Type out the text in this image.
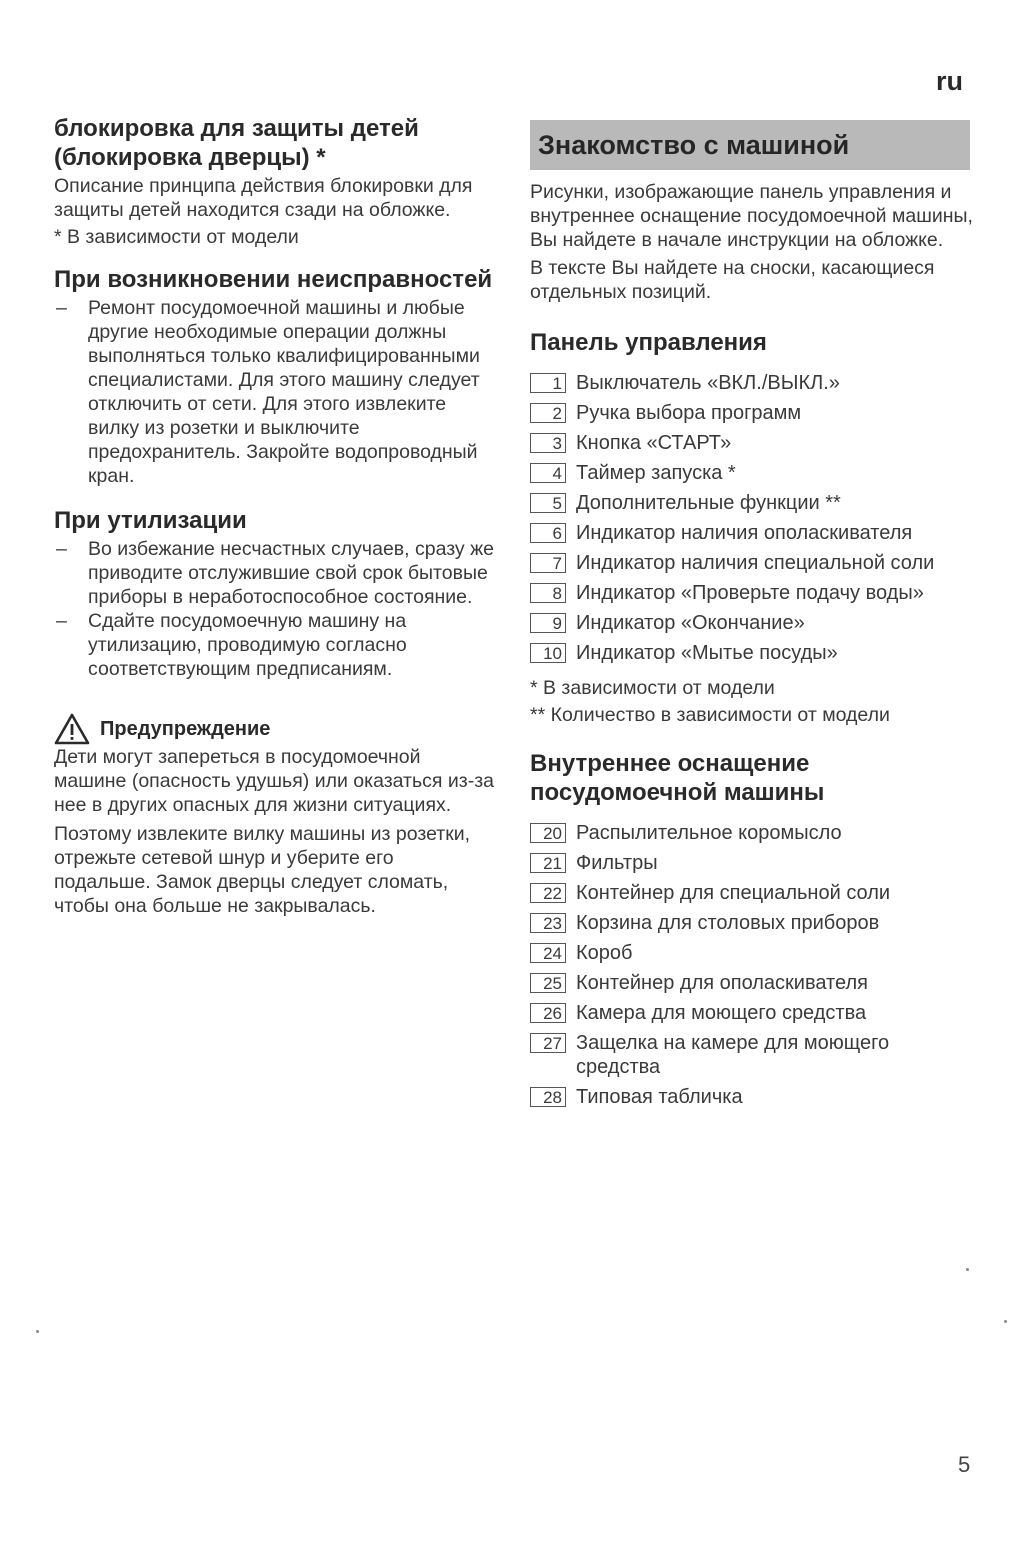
ru
блокировка для защиты детей (блокировка дверцы) *

Описание принципа действия блокировки для защиты детей находится сзади на обложке.

* В зависимости от модели

При возникновении неисправностей
– Ремонт посудомоечной машины и любые другие необходимые операции должны выполняться только квалифицированными специалистами. Для этого машину следует отключить от сети. Для этого извлеките вилку из розетки и выключите предохранитель. Закройте водопроводный кран.
При утилизации
– Во избежание несчастных случаев, сразу же приводите отслужившие свой срок бытовые приборы в неработоспособное состояние.
– Сдайте посудомоечную машину на утилизацию, проводимую согласно соответствующим предписаниям.
Предупреждение

Дети могут запереться в посудомоечной машине (опасность удушья) или оказаться из-за нее в других опасных для жизни ситуациях.

Поэтому извлеките вилку машины из розетки, отрежьте сетевой шнур и уберите его подальше. Замок дверцы следует сломать, чтобы она больше не закрывалась.

Знакомство с машиной

Рисунки, изображающие панель управления и внутреннее оснащение посудомоечной машины, Вы найдете в начале инструкции на обложке.

В тексте Вы найдете на сноски, касающиеся отдельных позиций.

Панель управления
1 Выключатель «ВКЛ./ВЫКЛ.»
2 Ручка выбора программ
3 Кнопка «СТАРТ»
4 Таймер запуска *
5 Дополнительные функции **
6 Индикатор наличия ополаскивателя
7 Индикатор наличия специальной соли
8 Индикатор «Проверьте подачу воды»
9 Индикатор «Окончание»
10 Индикатор «Мытье посуды»

* В зависимости от модели

** Количество в зависимости от модели

Внутреннее оснащение посудомоечной машины
20 Распылительное коромысло
21 Фильтры
22 Контейнер для специальной соли
23 Корзина для столовых приборов
24 Короб
25 Контейнер для ополаскивателя
26 Камера для моющего средства
27 Защелка на камере для моющего средства
28 Типовая табличка
5
